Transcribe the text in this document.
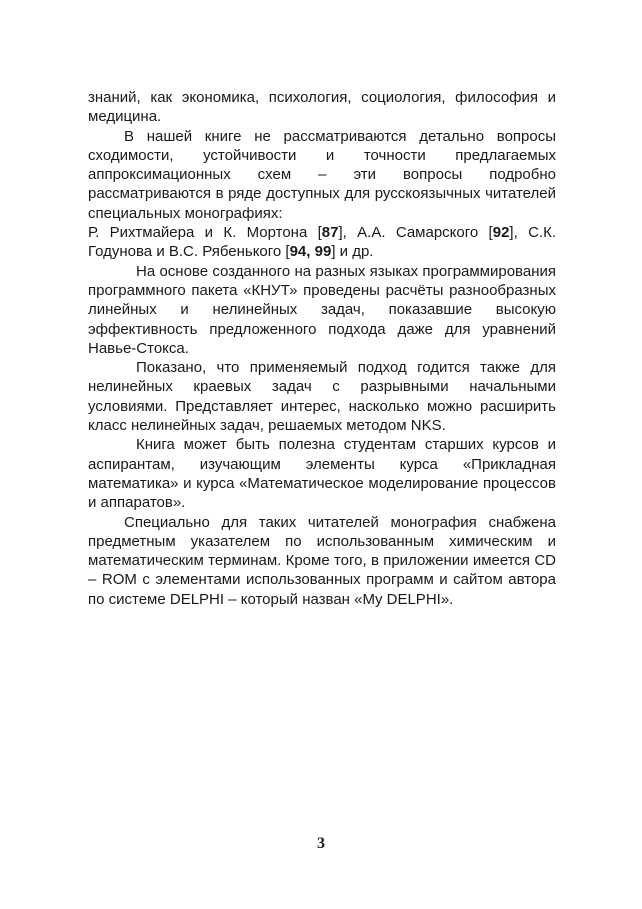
знаний, как экономика, психология, социология, философия и медицина.

В нашей книге не рассматриваются детально вопросы сходимости, устойчивости и точности предлагаемых аппроксимационных схем – эти вопросы подробно рассматриваются в ряде доступных для русскоязычных читателей специальных монографиях:

Р. Рихтмайера и К. Мортона [87], А.А. Самарского [92], С.К. Годунова и В.С. Рябенького [94, 99] и др.

На основе созданного на разных языках программирования программного пакета «КНУТ» проведены расчёты разнообразных линейных и нелинейных задач, показавшие высокую эффективность предложенного подхода даже для уравнений Навье-Стокса.

Показано, что применяемый подход годится также для нелинейных краевых задач с разрывными начальными условиями. Представляет интерес, насколько можно расширить класс нелинейных задач, решаемых методом NKS.

Книга может быть полезна студентам старших курсов и аспирантам, изучающим элементы курса «Прикладная математика» и курса «Математическое моделирование процессов и аппаратов».

Специально для таких читателей монография снабжена предметным указателем по использованным химическим и математическим терминам. Кроме того, в приложении имеется CD – ROM с элементами использованных программ и сайтом автора по системе DELPHI – который назван «My DELPHI».

3
